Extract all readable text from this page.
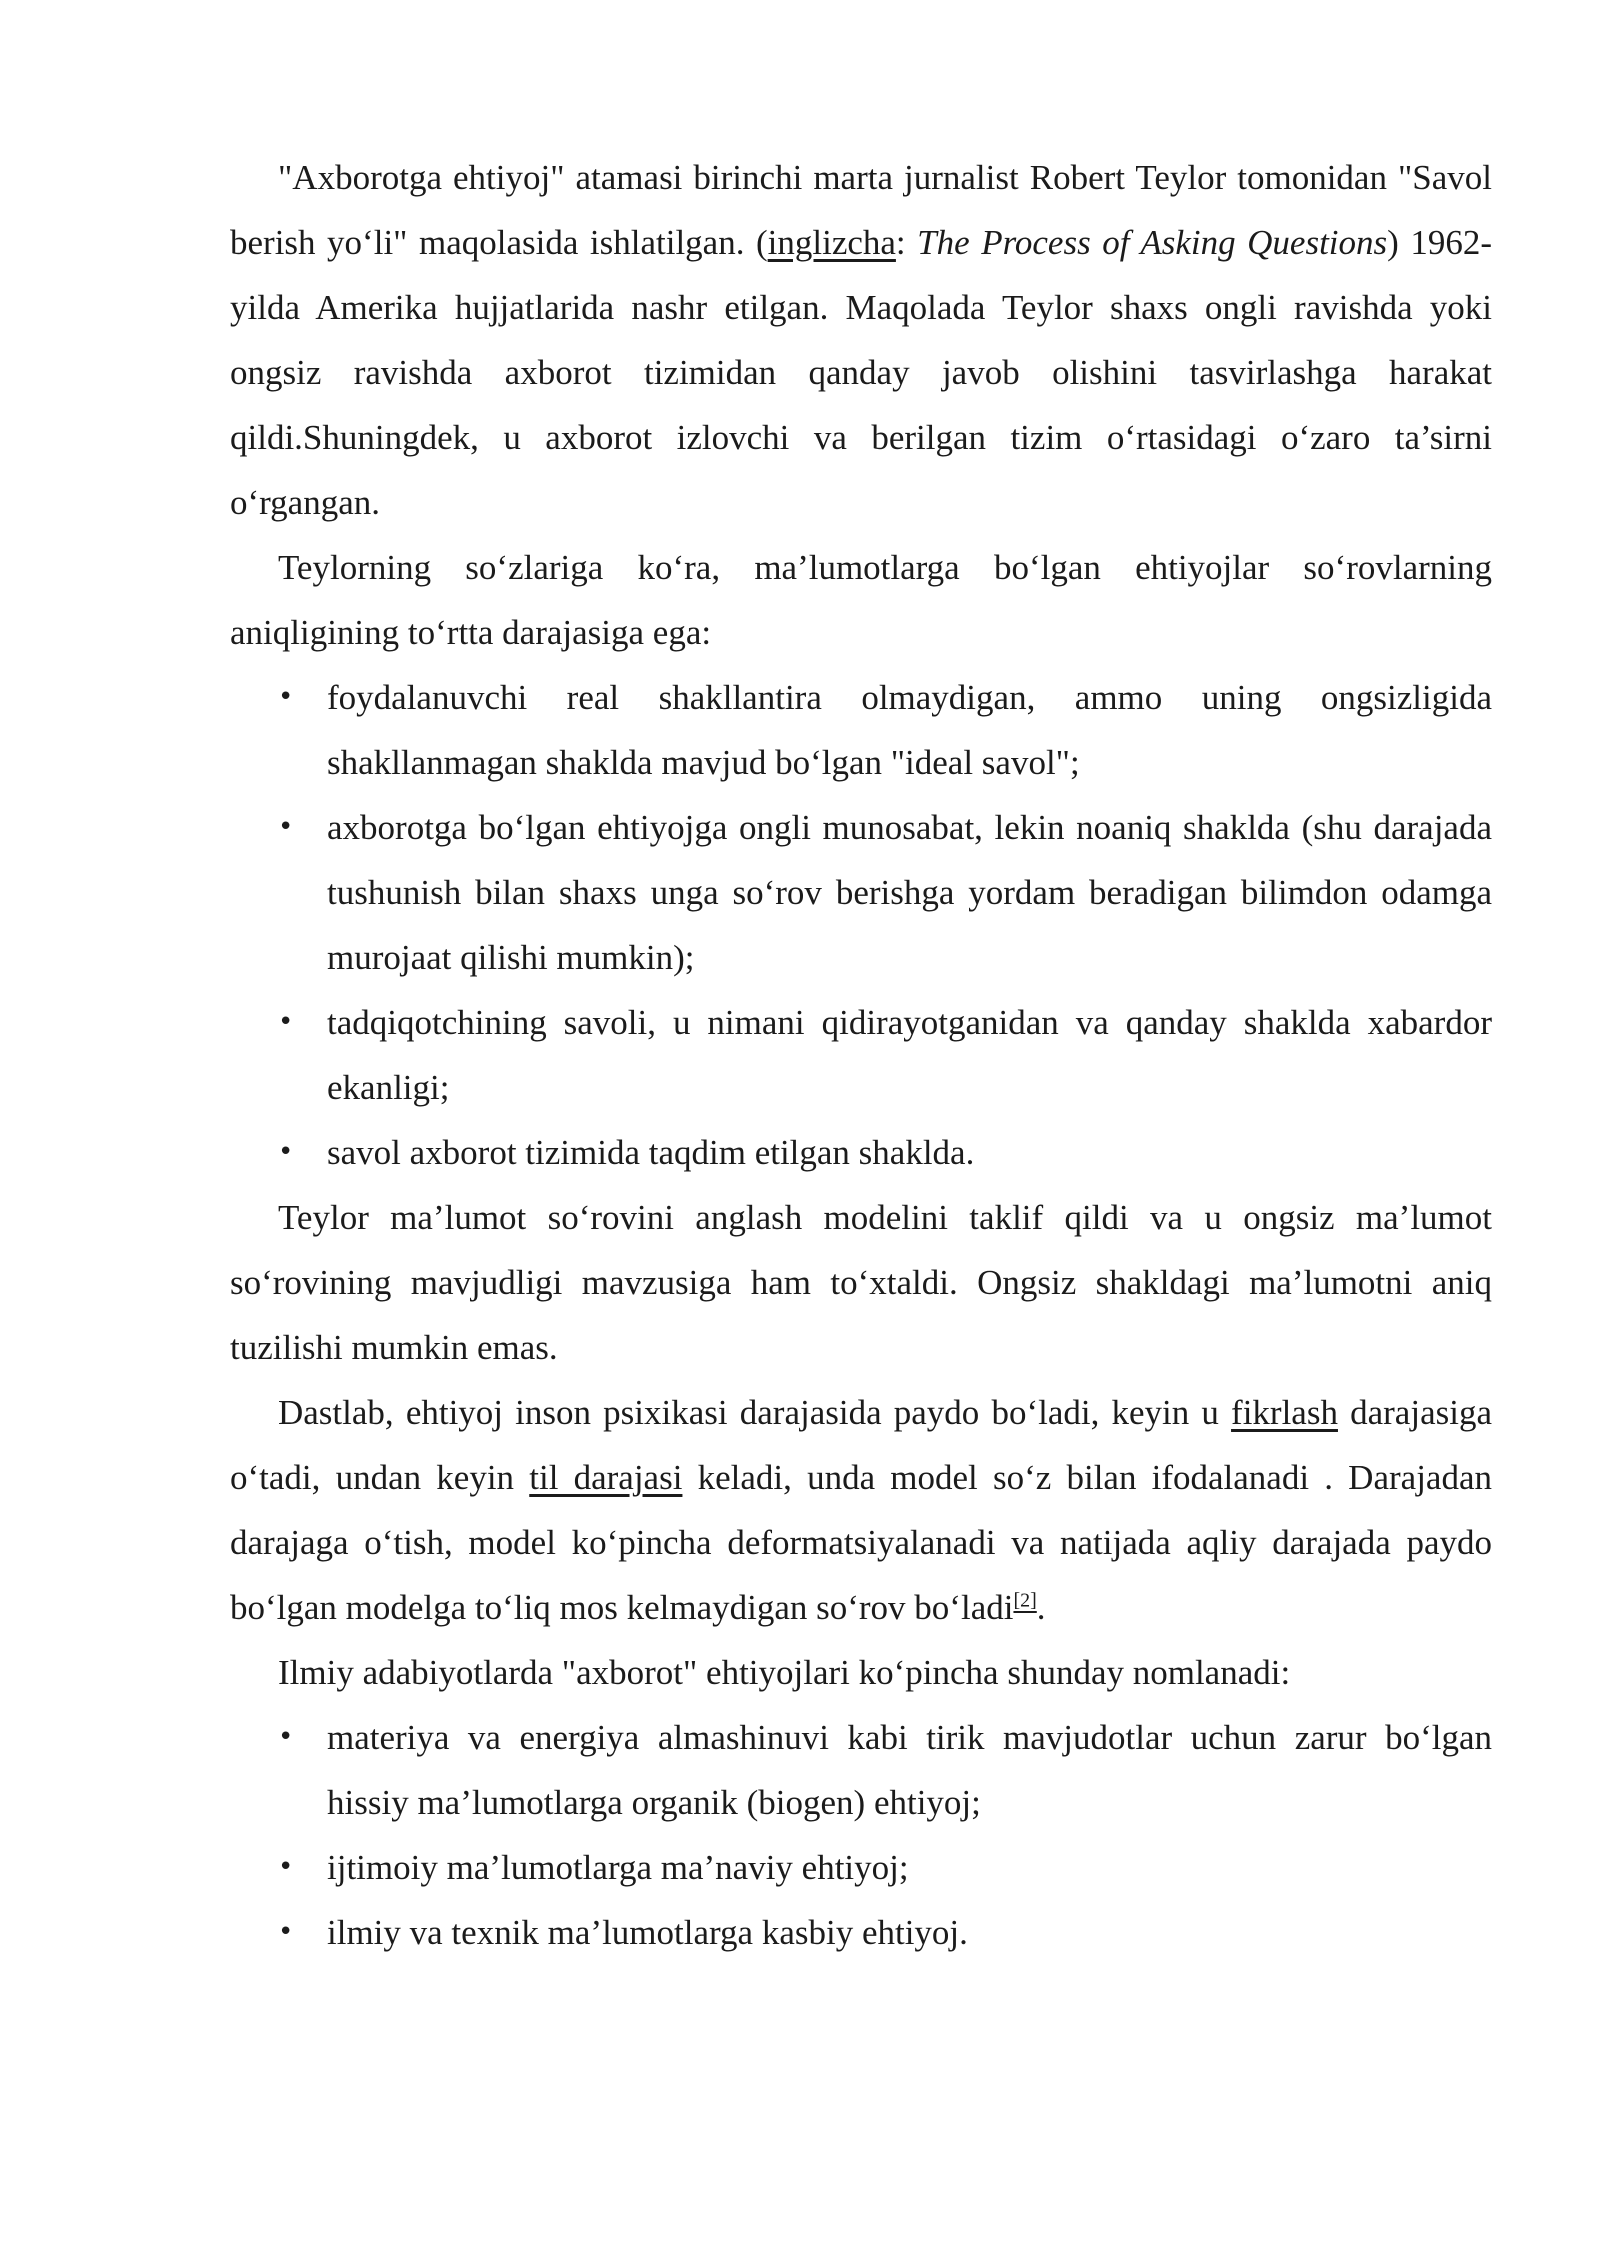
"Axborotga ehtiyoj" atamasi birinchi marta jurnalist Robert Teylor tomonidan "Savol berish yo‘li" maqolasida ishlatilgan. (inglizcha: The Process of Asking Questions) 1962-yilda Amerika hujjatlarida nashr etilgan. Maqolada Teylor shaxs ongli ravishda yoki ongsiz ravishda axborot tizimidan qanday javob olishini tasvirlashga harakat qildi.Shuningdek, u axborot izlovchi va berilgan tizim o‘rtasidagi o‘zaro ta’sirni o‘rgangan.

Teylorning so‘zlariga ko‘ra, ma’lumotlarga bo‘lgan ehtiyojlar so‘rovlarning aniqligining to‘rtta darajasiga ega:

• foydalanuvchi real shakllantira olmaydigan, ammo uning ongsizligida shakllanmagan shaklda mavjud bo‘lgan "ideal savol";
• axborotga bo‘lgan ehtiyojga ongli munosabat, lekin noaniq shaklda (shu darajada tushunish bilan shaxs unga so‘rov berishga yordam beradigan bilimdon odamga murojaat qilishi mumkin);
• tadqiqotchining savoli, u nimani qidirayotganidan va qanday shaklda xabardor ekanligi;
• savol axborot tizimida taqdim etilgan shaklda.

Teylor ma’lumot so‘rovini anglash modelini taklif qildi va u ongsiz ma’lumot so‘rovining mavjudligi mavzusiga ham to‘xtaldi. Ongsiz shakldagi ma’lumotni aniq tuzilishi mumkin emas.

Dastlab, ehtiyoj inson psixikasi darajasida paydo bo‘ladi, keyin u fikrlash darajasiga o‘tadi, undan keyin til darajasi keladi, unda model so‘z bilan ifodalanadi . Darajadan darajaga o‘tish, model ko‘pincha deformatsiyalanadi va natijada aqliy darajada paydo bo‘lgan modelga to‘liq mos kelmaydigan so‘rov bo‘ladi[2].

Ilmiy adabiyotlarda "axborot" ehtiyojlari ko‘pincha shunday nomlanadi:

• materiya va energiya almashinuvi kabi tirik mavjudotlar uchun zarur bo‘lgan hissiy ma’lumotlarga organik (biogen) ehtiyoj;
• ijtimoiy ma’lumotlarga ma’naviy ehtiyoj;
• ilmiy va texnik ma’lumotlarga kasbiy ehtiyoj.
